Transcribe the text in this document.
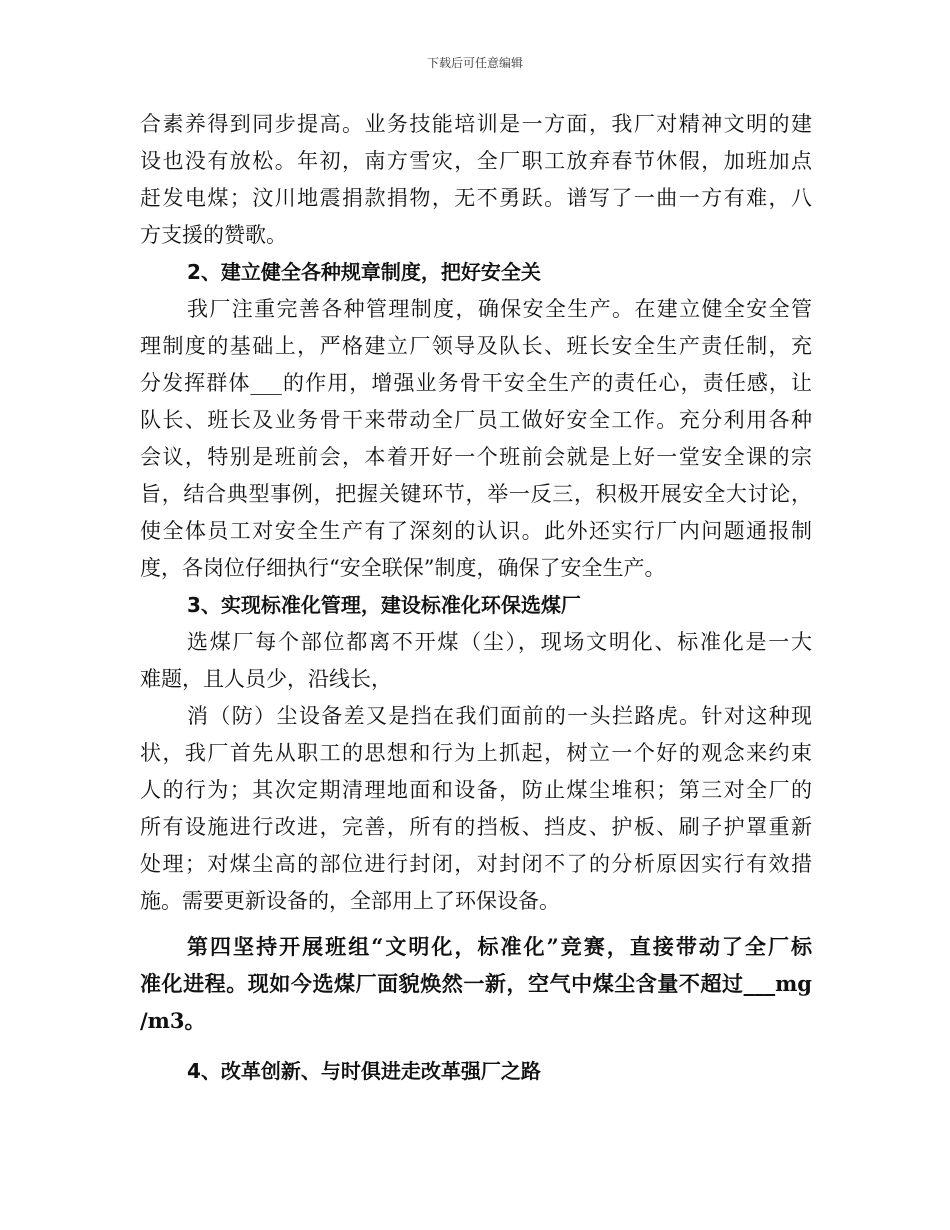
下载后可任意编辑
合素养得到同步提高。业务技能培训是一方面，我厂对精神文明的建
设也没有放松。年初，南方雪灾，全厂职工放弃春节休假，加班加点
赶发电煤；汶川地震捐款捐物，无不勇跃。谱写了一曲一方有难，八
方支援的赞歌。
2、建立健全各种规章制度，把好安全关
我厂注重完善各种管理制度，确保安全生产。在建立健全安全管
理制度的基础上，严格建立厂领导及队长、班长安全生产责任制，充
分发挥群体___的作用，增强业务骨干安全生产的责任心，责任感，让
队长、班长及业务骨干来带动全厂员工做好安全工作。充分利用各种
会议，特别是班前会，本着开好一个班前会就是上好一堂安全课的宗
旨，结合典型事例，把握关键环节，举一反三，积极开展安全大讨论，
使全体员工对安全生产有了深刻的认识。此外还实行厂内问题通报制
度，各岗位仔细执行“安全联保”制度，确保了安全生产。
3、实现标准化管理，建设标准化环保选煤厂
选煤厂每个部位都离不开煤（尘），现场文明化、标准化是一大
难题，且人员少，沿线长，
消（防）尘设备差又是挡在我们面前的一头拦路虎。针对这种现
状，我厂首先从职工的思想和行为上抓起，树立一个好的观念来约束
人的行为；其次定期清理地面和设备，防止煤尘堆积；第三对全厂的
所有设施进行改进，完善，所有的挡板、挡皮、护板、刷子护罩重新
处理；对煤尘高的部位进行封闭，对封闭不了的分析原因实行有效措
施。需要更新设备的，全部用上了环保设备。
第四坚持开展班组“文明化，标准化”竞赛，直接带动了全厂标
准化进程。现如今选煤厂面貌焕然一新，空气中煤尘含量不超过___mg
/m3。
4、改革创新、与时俱进走改革强厂之路
